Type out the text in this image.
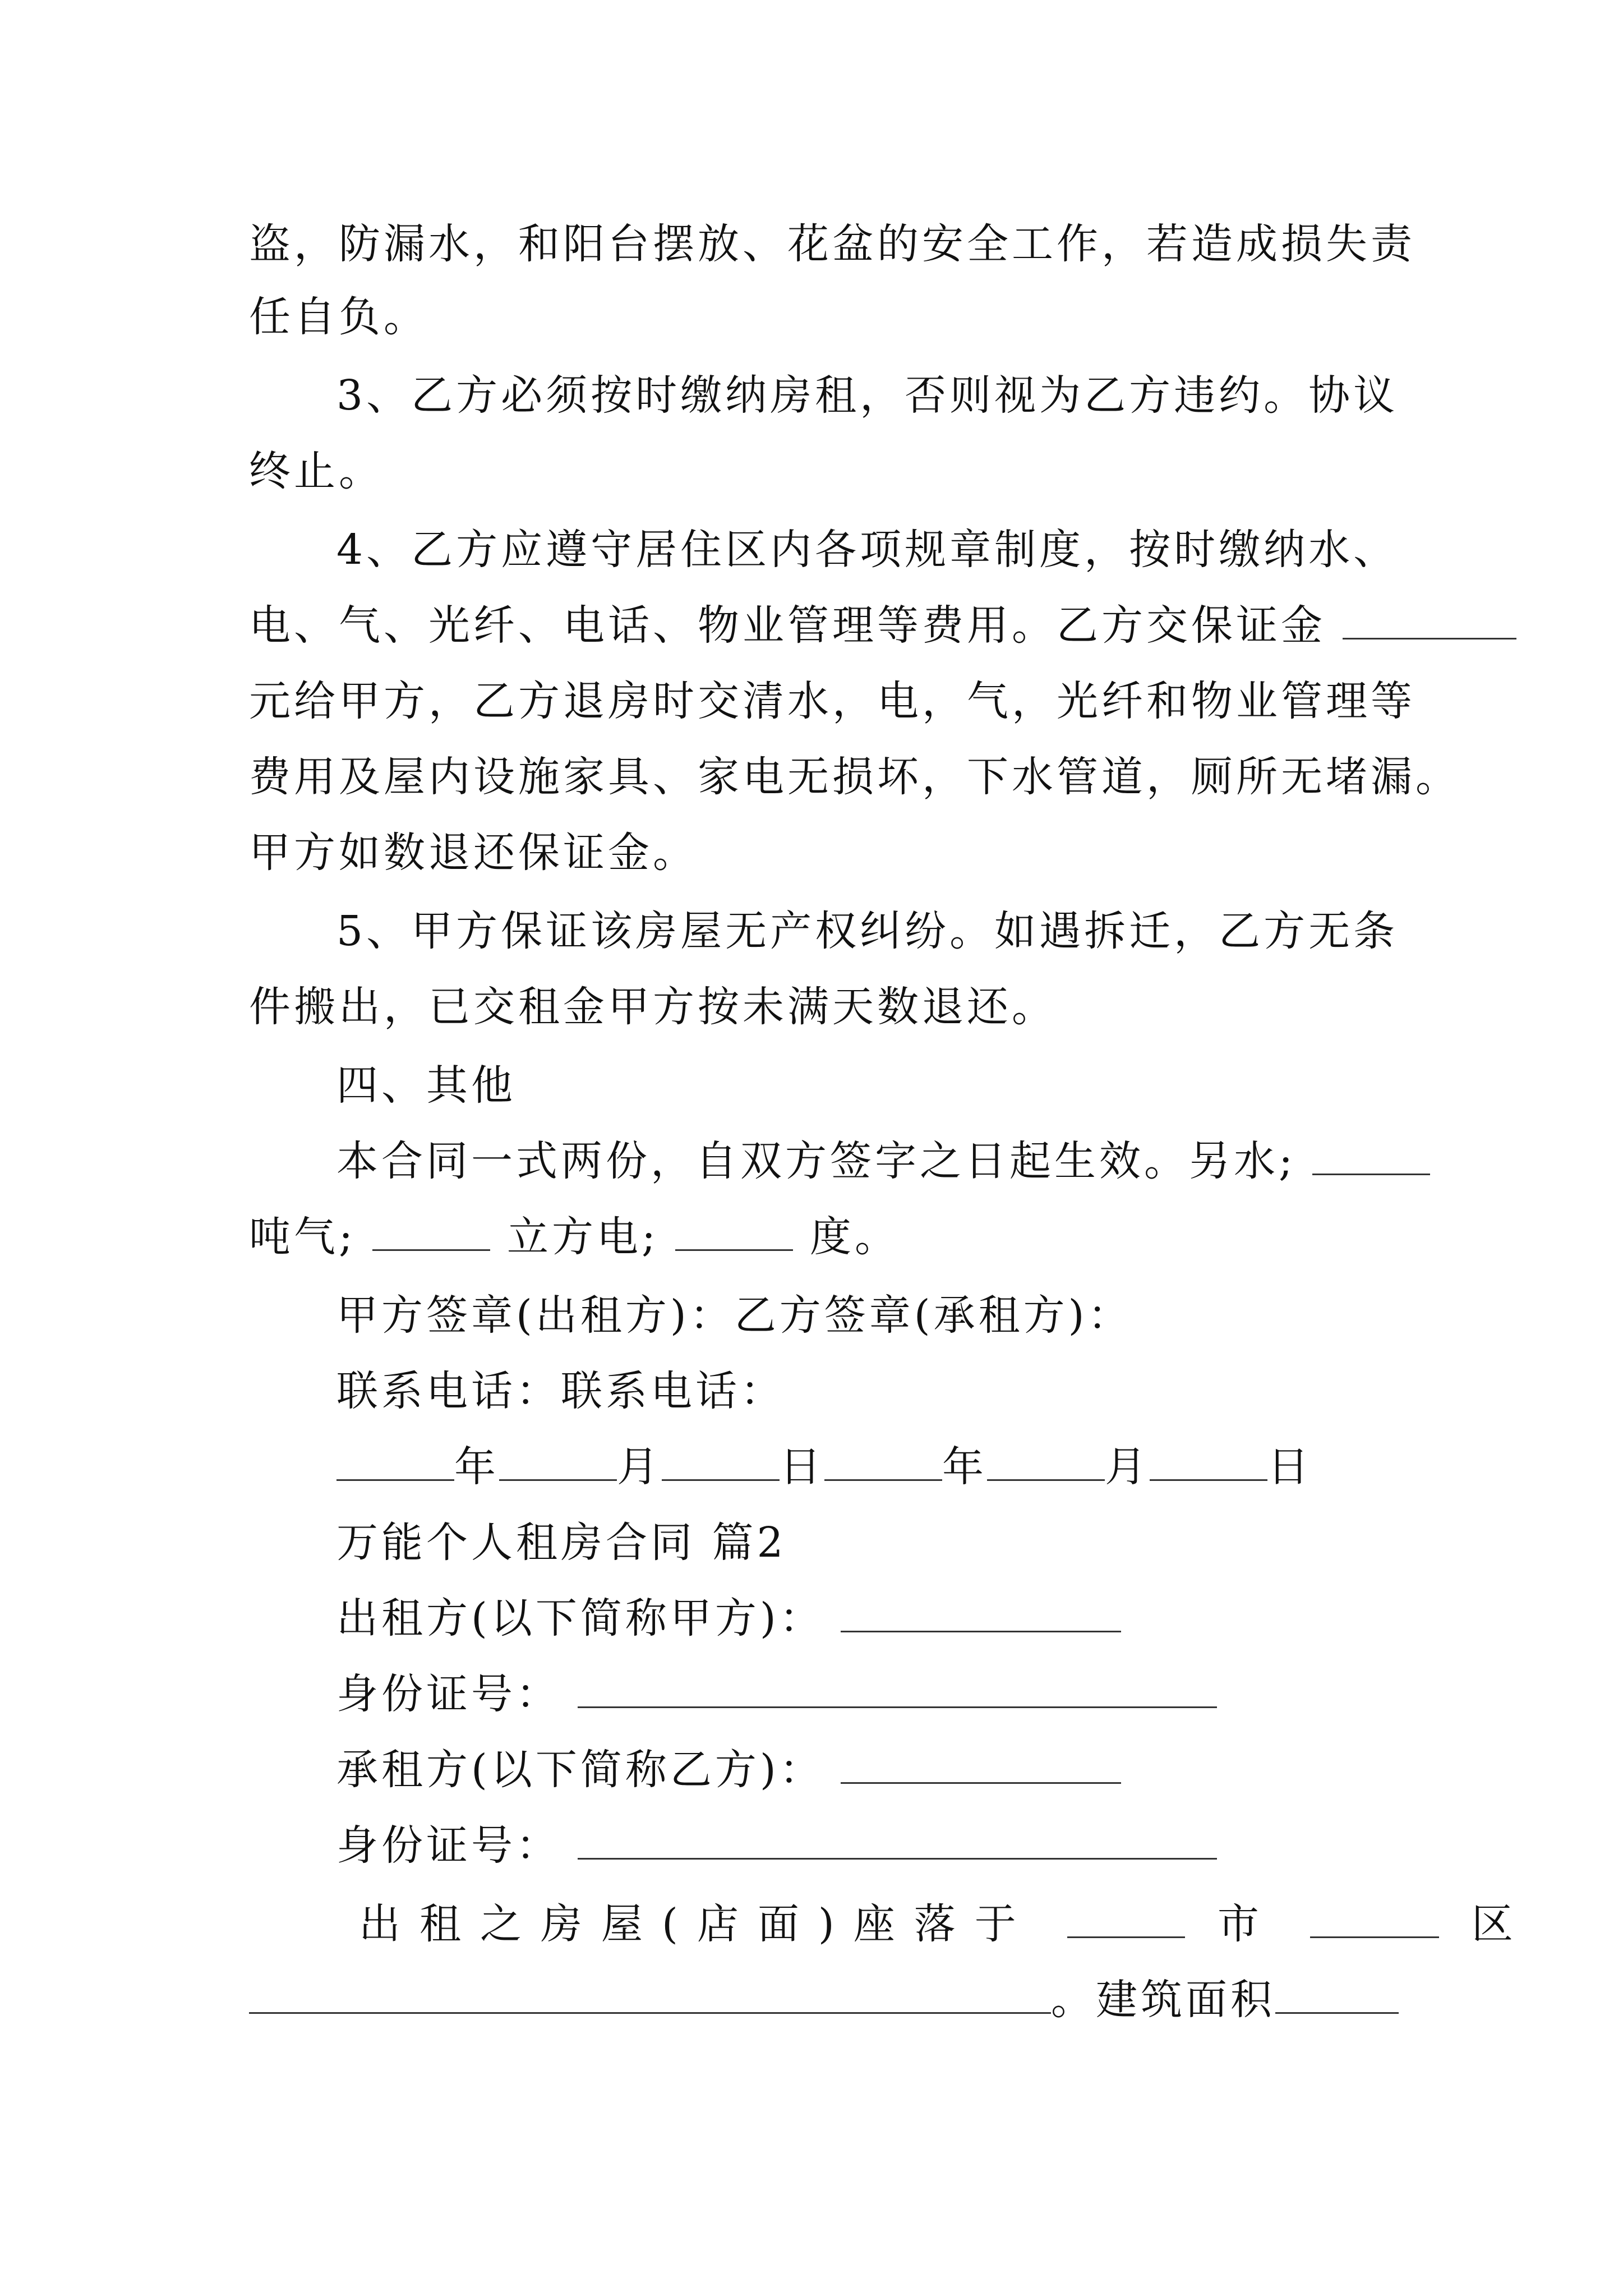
盗，防漏水，和阳台摆放、花盆的安全工作，若造成损失责
任自负。
3、乙方必须按时缴纳房租，否则视为乙方违约。协议
终止。
4、乙方应遵守居住区内各项规章制度，按时缴纳水、
电、气、光纤、电话、物业管理等费用。乙方交保证金
元给甲方，乙方退房时交清水，电，气，光纤和物业管理等
费用及屋内设施家具、家电无损坏，下水管道，厕所无堵漏。
甲方如数退还保证金。
5、甲方保证该房屋无产权纠纷。如遇拆迁，乙方无条
件搬出，已交租金甲方按未满天数退还。
四、其他
本合同一式两份，自双方签字之日起生效。另水;
吨气;	立方电;	度。
甲方签章(出租方)：乙方签章(承租方)：
联系电话：联系电话：
年	月	日	年	月	日
万能个人租房合同 篇2
出租方(以下简称甲方)：
身份证号：
承租方(以下简称乙方)：
身份证号：
出租之房屋(店面)座落于	市	区
。建筑面积
